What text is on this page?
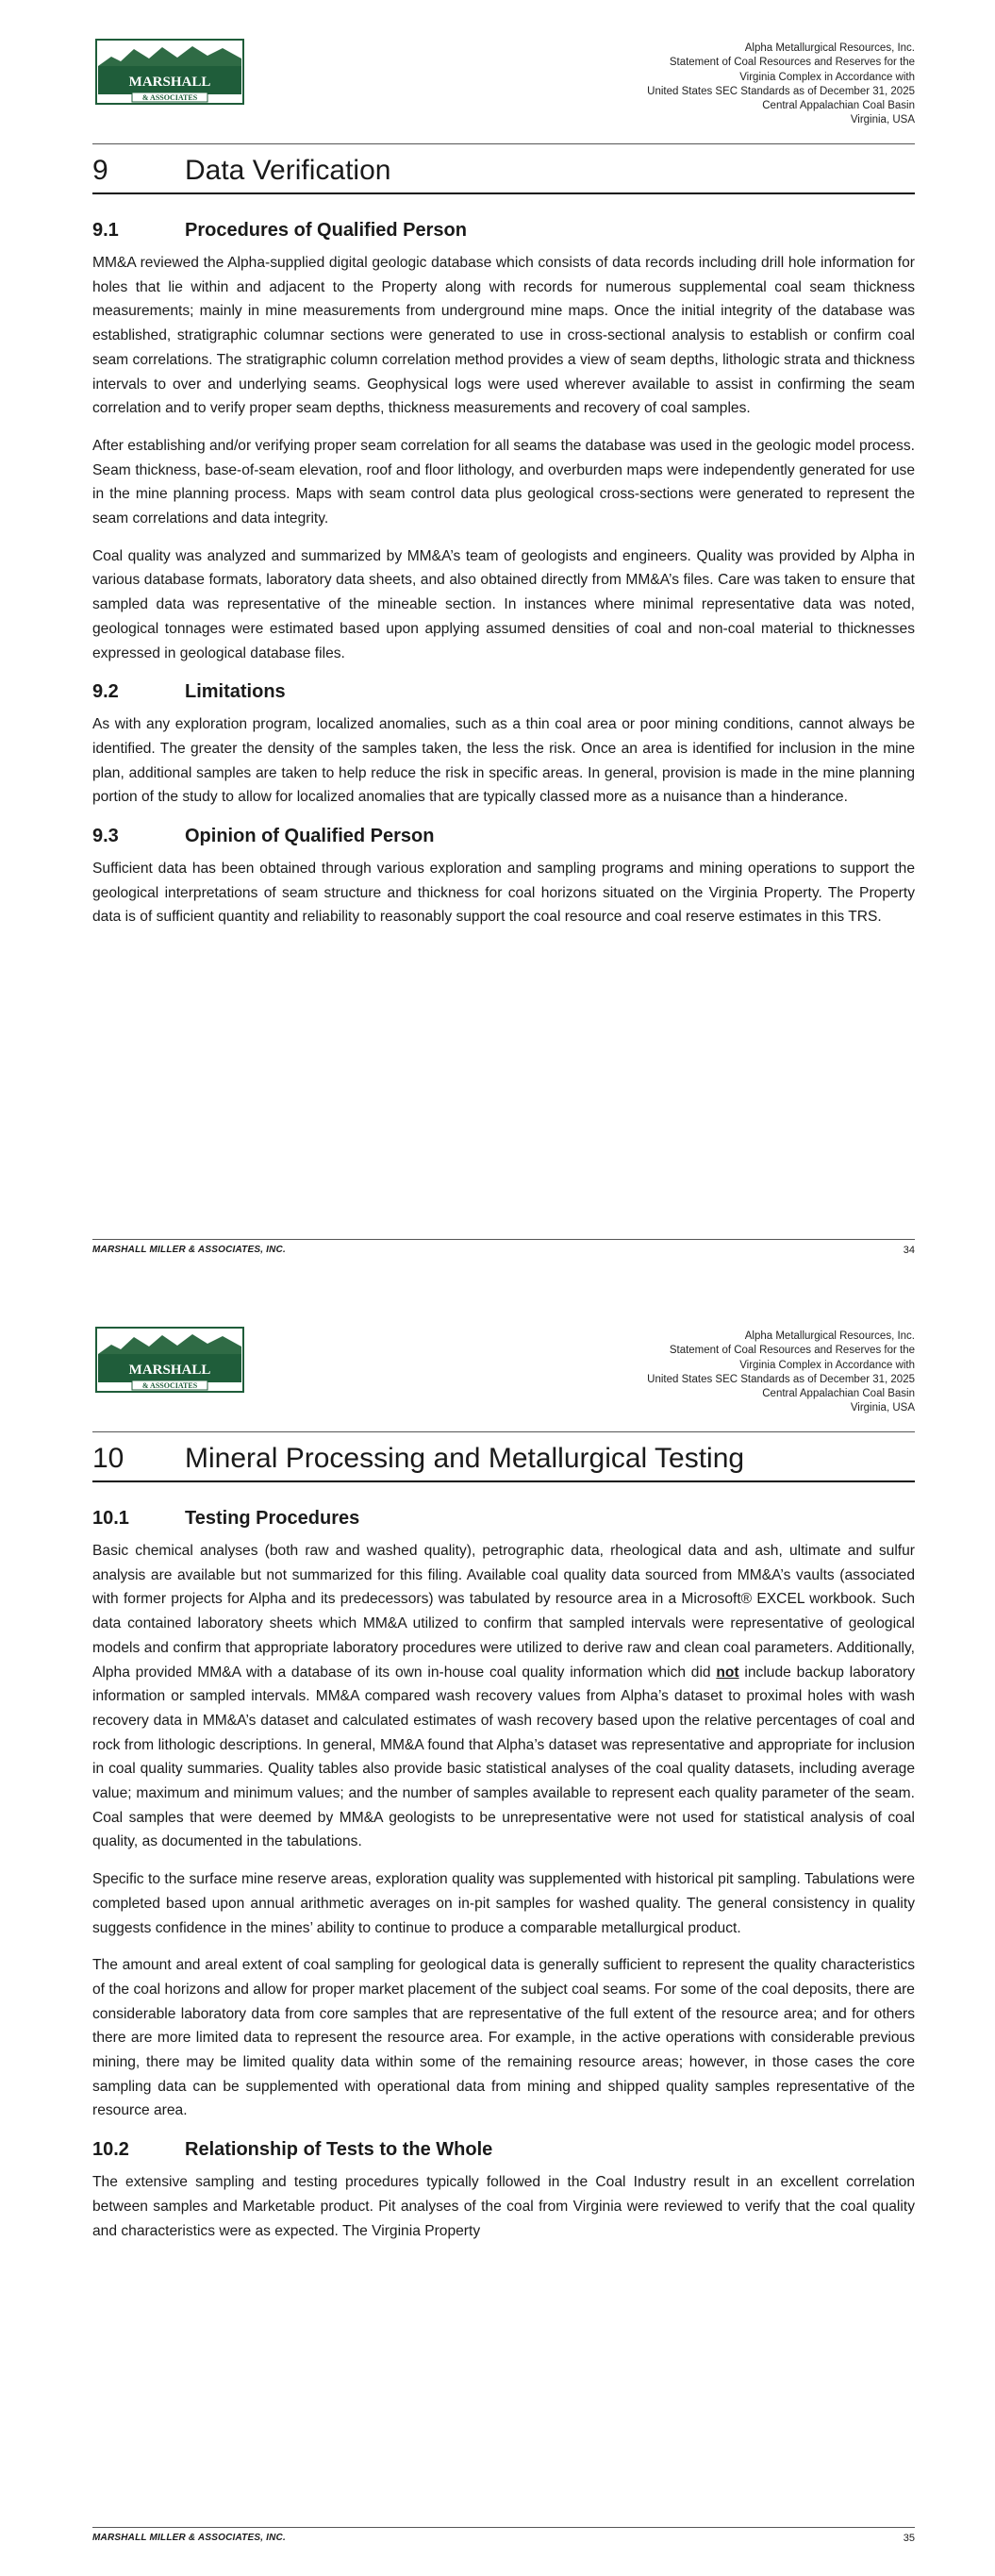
MARSHALL
& ASSOCIATES
Alpha Metallurgical Resources, Inc.
Statement of Coal Resources and Reserves for the
Virginia Complex in Accordance with
United States SEC Standards as of December 31, 2025
Central Appalachian Coal Basin
Virginia, USA
9	Data Verification
9.1	Procedures of Qualified Person

MM&A reviewed the Alpha-supplied digital geologic database which consists of data records including drill hole information for holes that lie within and adjacent to the Property along with records for numerous supplemental coal seam thickness measurements; mainly in mine measurements from underground mine maps. Once the initial integrity of the database was established, stratigraphic columnar sections were generated to use in cross-sectional analysis to establish or confirm coal seam correlations. The stratigraphic column correlation method provides a view of seam depths, lithologic strata and thickness intervals to over and underlying seams. Geophysical logs were used wherever available to assist in confirming the seam correlation and to verify proper seam depths, thickness measurements and recovery of coal samples.

After establishing and/or verifying proper seam correlation for all seams the database was used in the geologic model process. Seam thickness, base-of-seam elevation, roof and floor lithology, and overburden maps were independently generated for use in the mine planning process. Maps with seam control data plus geological cross-sections were generated to represent the seam correlations and data integrity.

Coal quality was analyzed and summarized by MM&A’s team of geologists and engineers. Quality was provided by Alpha in various database formats, laboratory data sheets, and also obtained directly from MM&A’s files. Care was taken to ensure that sampled data was representative of the mineable section. In instances where minimal representative data was noted, geological tonnages were estimated based upon applying assumed densities of coal and non-coal material to thicknesses expressed in geological database files.

9.2	Limitations

As with any exploration program, localized anomalies, such as a thin coal area or poor mining conditions, cannot always be identified. The greater the density of the samples taken, the less the risk. Once an area is identified for inclusion in the mine plan, additional samples are taken to help reduce the risk in specific areas. In general, provision is made in the mine planning portion of the study to allow for localized anomalies that are typically classed more as a nuisance than a hinderance.

9.3	Opinion of Qualified Person

Sufficient data has been obtained through various exploration and sampling programs and mining operations to support the geological interpretations of seam structure and thickness for coal horizons situated on the Virginia Property. The Property data is of sufficient quantity and reliability to reasonably support the coal resource and coal reserve estimates in this TRS.

MARSHALL MILLER & ASSOCIATES, INC.	34
MARSHALL
& ASSOCIATES
Alpha Metallurgical Resources, Inc.
Statement of Coal Resources and Reserves for the
Virginia Complex in Accordance with
United States SEC Standards as of December 31, 2025
Central Appalachian Coal Basin
Virginia, USA
10 Mineral Processing and Metallurgical Testing
10.1	Testing Procedures

Basic chemical analyses (both raw and washed quality), petrographic data, rheological data and ash, ultimate and sulfur analysis are available but not summarized for this filing. Available coal quality data sourced from MM&A’s vaults (associated with former projects for Alpha and its predecessors) was tabulated by resource area in a Microsoft® EXCEL workbook. Such data contained laboratory sheets which MM&A utilized to confirm that sampled intervals were representative of geological models and confirm that appropriate laboratory procedures were utilized to derive raw and clean coal parameters. Additionally, Alpha provided MM&A with a database of its own in-house coal quality information which did not include backup laboratory information or sampled intervals. MM&A compared wash recovery values from Alpha’s dataset to proximal holes with wash recovery data in MM&A’s dataset and calculated estimates of wash recovery based upon the relative percentages of coal and rock from lithologic descriptions. In general, MM&A found that Alpha’s dataset was representative and appropriate for inclusion in coal quality summaries. Quality tables also provide basic statistical analyses of the coal quality datasets, including average value; maximum and minimum values; and the number of samples available to represent each quality parameter of the seam. Coal samples that were deemed by MM&A geologists to be unrepresentative were not used for statistical analysis of coal quality, as documented in the tabulations.

Specific to the surface mine reserve areas, exploration quality was supplemented with historical pit sampling. Tabulations were completed based upon annual arithmetic averages on in-pit samples for washed quality. The general consistency in quality suggests confidence in the mines’ ability to continue to produce a comparable metallurgical product.

The amount and areal extent of coal sampling for geological data is generally sufficient to represent the quality characteristics of the coal horizons and allow for proper market placement of the subject coal seams. For some of the coal deposits, there are considerable laboratory data from core samples that are representative of the full extent of the resource area; and for others there are more limited data to represent the resource area. For example, in the active operations with considerable previous mining, there may be limited quality data within some of the remaining resource areas; however, in those cases the core sampling data can be supplemented with operational data from mining and shipped quality samples representative of the resource area.

10.2	Relationship of Tests to the Whole

The extensive sampling and testing procedures typically followed in the Coal Industry result in an excellent correlation between samples and Marketable product. Pit analyses of the coal from Virginia were reviewed to verify that the coal quality and characteristics were as expected. The Virginia Property

MARSHALL MILLER & ASSOCIATES, INC.	35
